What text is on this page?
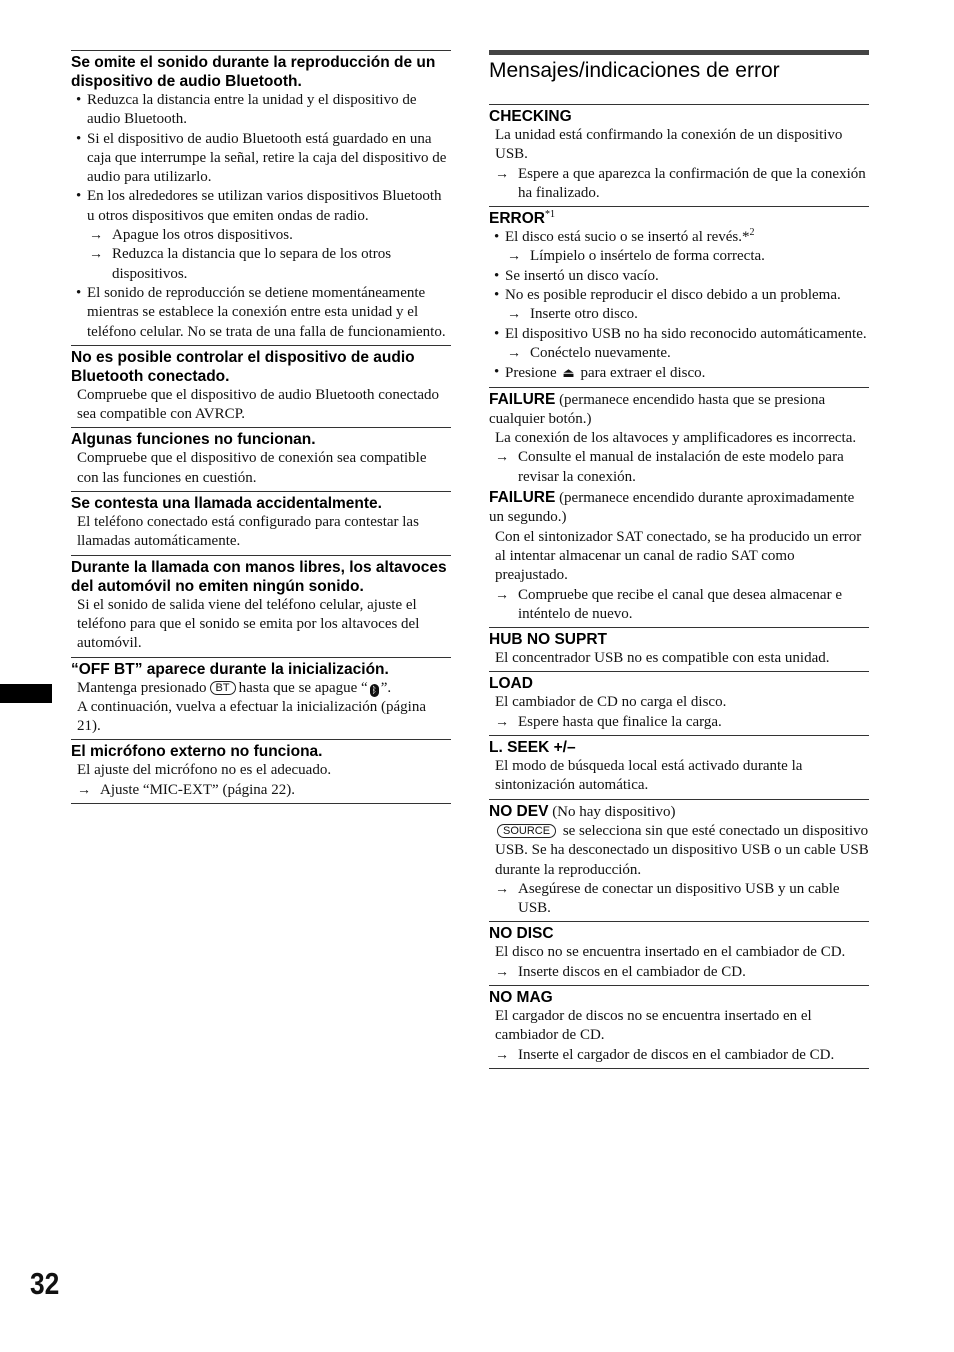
Se omite el sonido durante la reproducción de un dispositivo de audio Bluetooth.
• Reduzca la distancia entre la unidad y el dispositivo de audio Bluetooth.
• Si el dispositivo de audio Bluetooth está guardado en una caja que interrumpe la señal, retire la caja del dispositivo de audio para utilizarlo.
• En los alrededores se utilizan varios dispositivos Bluetooth u otros dispositivos que emiten ondas de radio.
→ Apague los otros dispositivos.
→ Reduzca la distancia que lo separa de los otros dispositivos.
• El sonido de reproducción se detiene momentáneamente mientras se establece la conexión entre esta unidad y el teléfono celular. No se trata de una falla de funcionamiento.
No es posible controlar el dispositivo de audio Bluetooth conectado.
Compruebe que el dispositivo de audio Bluetooth conectado sea compatible con AVRCP.
Algunas funciones no funcionan.
Compruebe que el dispositivo de conexión sea compatible con las funciones en cuestión.
Se contesta una llamada accidentalmente.
El teléfono conectado está configurado para contestar las llamadas automáticamente.
Durante la llamada con manos libres, los altavoces del automóvil no emiten ningún sonido.
Si el sonido de salida viene del teléfono celular, ajuste el teléfono para que el sonido se emita por los altavoces del automóvil.
“OFF BT” aparece durante la inicialización.
Mantenga presionado BT hasta que se apague “ ᛒ ”.
A continuación, vuelva a efectuar la inicialización (página 21).
El micrófono externo no funciona.
El ajuste del micrófono no es el adecuado.
→ Ajuste “MIC-EXT” (página 22).
Mensajes/indicaciones de error
CHECKING
La unidad está confirmando la conexión de un dispositivo USB.
→ Espere a que aparezca la confirmación de que la conexión ha finalizado.
ERROR$^{*1}$
• El disco está sucio o se insertó al revés.*$^2$
→ Límpielo o insértelo de forma correcta.
• Se insertó un disco vacío.
• No es posible reproducir el disco debido a un problema.
→ Inserte otro disco.
• El dispositivo USB no ha sido reconocido automáticamente.
→ Conéctelo nuevamente.
• Presione ⏏ para extraer el disco.
FAILURE (permanece encendido hasta que se presiona cualquier botón.)
La conexión de los altavoces y amplificadores es incorrecta.
→ Consulte el manual de instalación de este modelo para revisar la conexión.
FAILURE (permanece encendido durante aproximadamente un segundo.)
Con el sintonizador SAT conectado, se ha producido un error al intentar almacenar un canal de radio SAT como preajustado.
→ Compruebe que recibe el canal que desea almacenar e inténtelo de nuevo.
HUB NO SUPRT
El concentrador USB no es compatible con esta unidad.
LOAD
El cambiador de CD no carga el disco.
→ Espere hasta que finalice la carga.
L. SEEK +/–
El modo de búsqueda local está activado durante la sintonización automática.
NO DEV (No hay dispositivo)
SOURCE se selecciona sin que esté conectado un dispositivo USB. Se ha desconectado un dispositivo USB o un cable USB durante la reproducción.
→ Asegúrese de conectar un dispositivo USB y un cable USB.
NO DISC
El disco no se encuentra insertado en el cambiador de CD.
→ Inserte discos en el cambiador de CD.
NO MAG
El cargador de discos no se encuentra insertado en el cambiador de CD.
→ Inserte el cargador de discos en el cambiador de CD.
32
